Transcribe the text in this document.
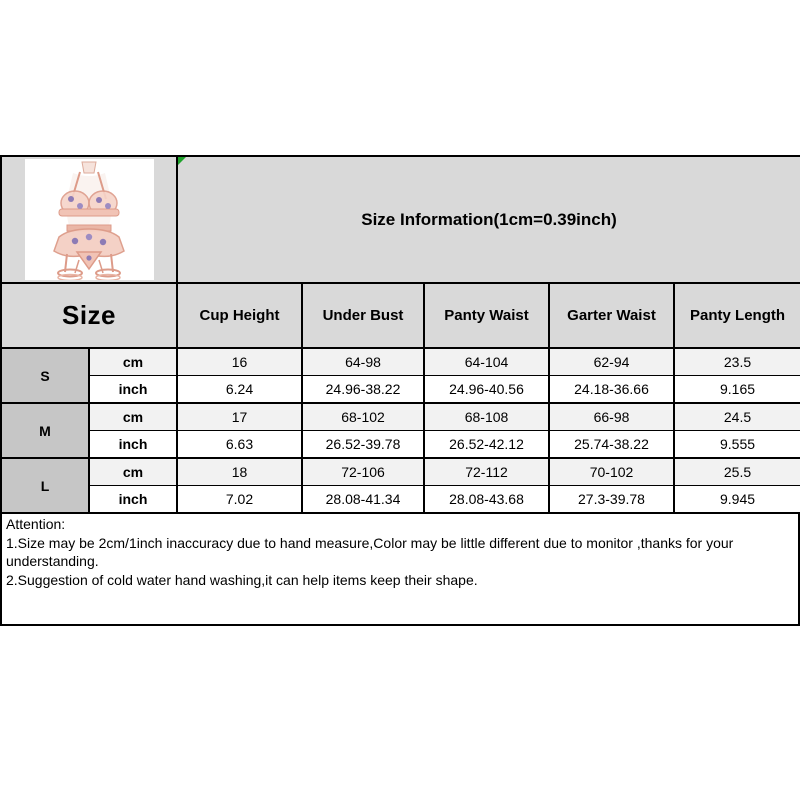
Size Information(1cm=0.39inch)				
Size		Cup Height	Under Bust	Panty Waist	Garter Waist	Panty Length
S	cm	16	64-98	64-104	62-94	23.5
	inch	6.24	24.96-38.22	24.96-40.56	24.18-36.66	9.165
M	cm	17	68-102	68-108	66-98	24.5
	inch	6.63	26.52-39.78	26.52-42.12	25.74-38.22	9.555
L	cm	18	72-106	72-112	70-102	25.5
	inch	7.02	28.08-41.34	28.08-43.68	27.3-39.78	9.945
Attention:
1.Size may be 2cm/1inch inaccuracy due to hand measure,Color may be little different due to monitor ,thanks for your understanding.
2.Suggestion of cold water hand washing,it can help items keep their shape.
